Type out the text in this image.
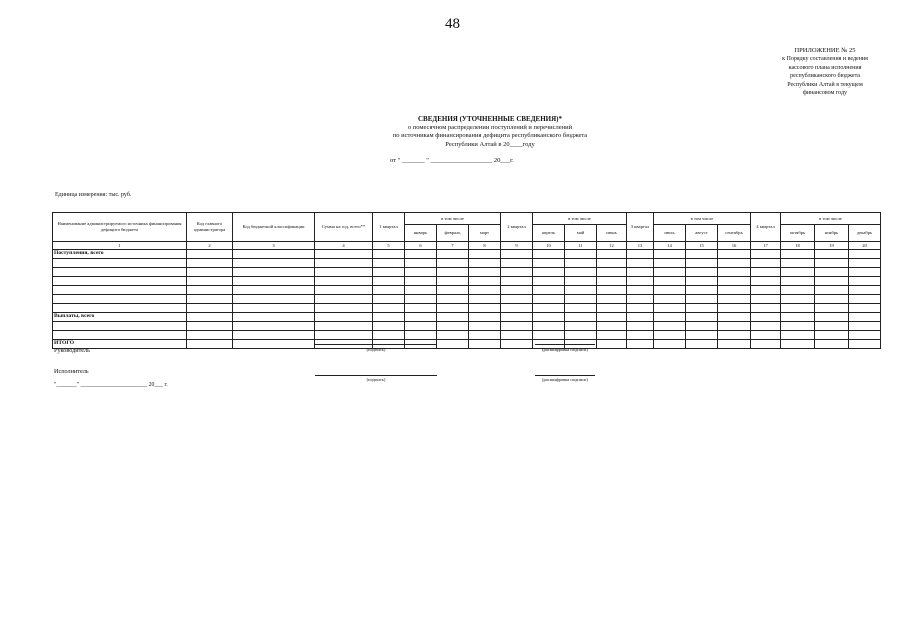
48
ПРИЛОЖЕНИЕ № 25
к Порядку составления и ведения
кассового плана исполнения
республиканского бюджета
Республики Алтай в текущем
финансовом году
СВЕДЕНИЯ (УТОЧНЕННЫЕ СВЕДЕНИЯ)*
о помесячном распределении поступлений и перечислений
по источникам финансирования дефицита республиканского бюджета
Республики Алтай в 20____году
от " _______ " ___________________ 20___г.
Единица измерения: тыс. руб.
Наименование администрируемого источника финансирования дефицита бюджета	Код главного администратора	Код бюджетной классификации	Сумма на год, всего**	1 квартал	в том числе			2 квартал	в том числе			3 квартал	в том числе			4 квартал	в том числе		
					январь	февраль	март		апрель	май	июнь		июль	август	сентябрь		октябрь	ноябрь	декабрь
1	2	3	4	5	6	7	8	9	10	11	12	13	14	15	16	17	18	19	20
Поступления, всего																			

Выплаты, всего																			

ИТОГО																			
Руководитель	(подпись)	(расшифровка подписи)
Исполнитель
(подпись)	(расшифровка подписи)
"_______" _______________________ 20___ г.
